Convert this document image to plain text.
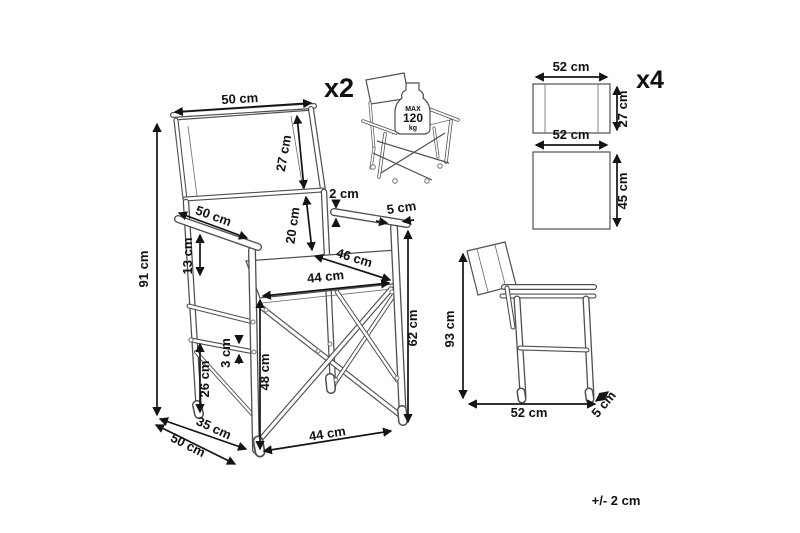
50 cm
27 cm
20 cm
2 cm
5 cm
46 cm
44 cm
50 cm
13 cm
91 cm
3 cm
26 cm	48 cm
62 cm
35 cm
50 cm	44 cm
x2
MAX
120
kg
52 cm
27 cm
52 cm
45 cm
x4
93 cm
52 cm	5 cm
+/- 2 cm
